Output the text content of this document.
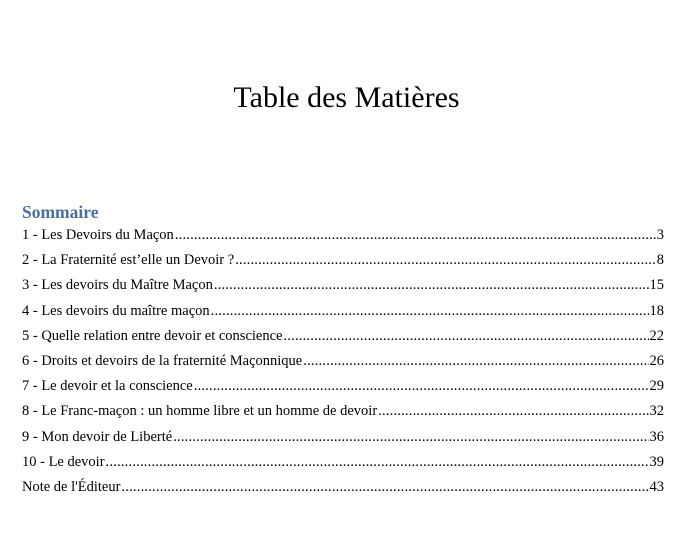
Table des Matières
Sommaire
1 - Les Devoirs du Maçon .....	3
2 - La Fraternité est’elle un Devoir ? .....	8
3 - Les devoirs du Maître Maçon .....	15
4 - Les devoirs du maître maçon .....	18
5 - Quelle relation entre devoir et conscience .....	22
6 - Droits et devoirs de la fraternité Maçonnique .....	26
7 - Le devoir et la conscience .....	29
8 - Le Franc-maçon : un homme libre et un homme de devoir .....	32
9 - Mon devoir de Liberté .....	36
10 - Le devoir .....	39
Note de l'Éditeur .....	43
